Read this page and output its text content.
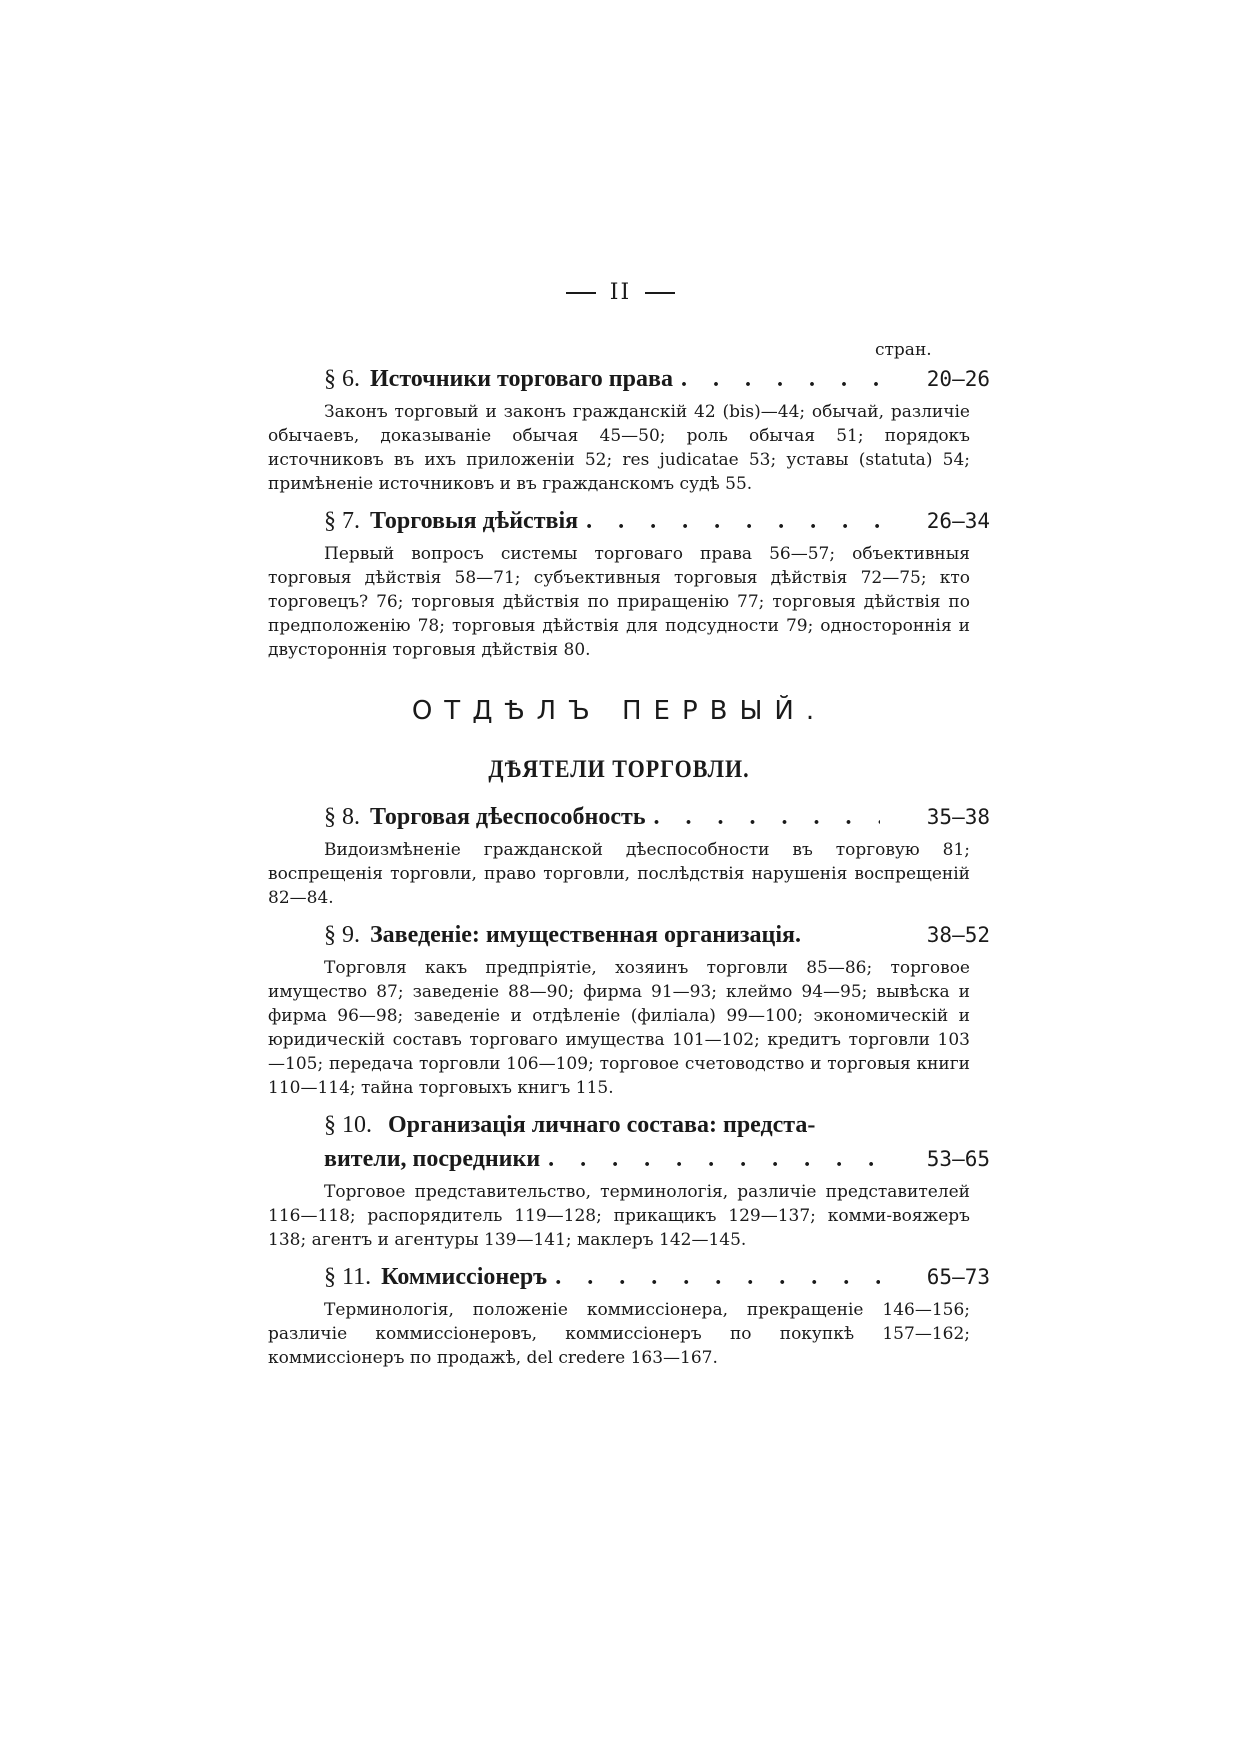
II
стран.
§ 6. Источники торговаго права . . .	20—26

Законъ торговый и законъ гражданскій 42 (bis)—44; обычай, различіе обычаевъ, доказываніе обычая 45—50; роль обычая 51; порядокъ источниковъ въ ихъ приложеніи 52; res judicatae 53; уставы (statuta) 54; примѣненіе источниковъ и въ гражданскомъ судѣ 55.

§ 7. Торговыя дѣйствія . . .	26—34

Первый вопросъ системы торговаго права 56—57; объективныя торговыя дѣйствія 58—71; субъективныя торговыя дѣйствія 72—75; кто торговецъ? 76; торговыя дѣйствія по приращенію 77; торговыя дѣйствія по предположенію 78; торговыя дѣйствія для подсудности 79; одностороннія и двустороннія торговыя дѣйствія 80.

ОТДѢЛЪ ПЕРВЫЙ.
ДѢЯТЕЛИ ТОРГОВЛИ.
§ 8. Торговая дѣеспособность . . .	35—38

Видоизмѣненіе гражданской дѣеспособности въ торговую 81; воспрещенія торговли, право торговли, послѣдствія нарушенія воспрещеній 82—84.

§ 9. Заведеніе: имущественная организація.	38—52

Торговля какъ предпріятіе, хозяинъ торговли 85—86; торговое имущество 87; заведеніе 88—90; фирма 91—93; клеймо 94—95; вывѣска и фирма 96—98; заведеніе и отдѣленіе (филіала) 99—100; экономическій и юридическій составъ торговаго имущества 101—102; кредитъ торговли 103—105; передача торговли 106—109; торговое счетоводство и торговыя книги 110—114; тайна торговыхъ книгъ 115.

§ 10. Организація личнаго состава: предста-
вители, посредники . . .	53—65

Торговое представительство, терминологія, различіе представителей 116—118; распорядитель 119—128; прикащикъ 129—137; комми-вояжеръ 138; агентъ и агентуры 139—141; маклеръ 142—145.

§ 11. Коммиссіонеръ . . .	65—73

Терминологія, положеніе коммиссіонера, прекращеніе 146—156; различіе коммиссіонеровъ, коммиссіонеръ по покупкѣ 157—162; коммиссіонеръ по продажѣ, del credere 163—167.
